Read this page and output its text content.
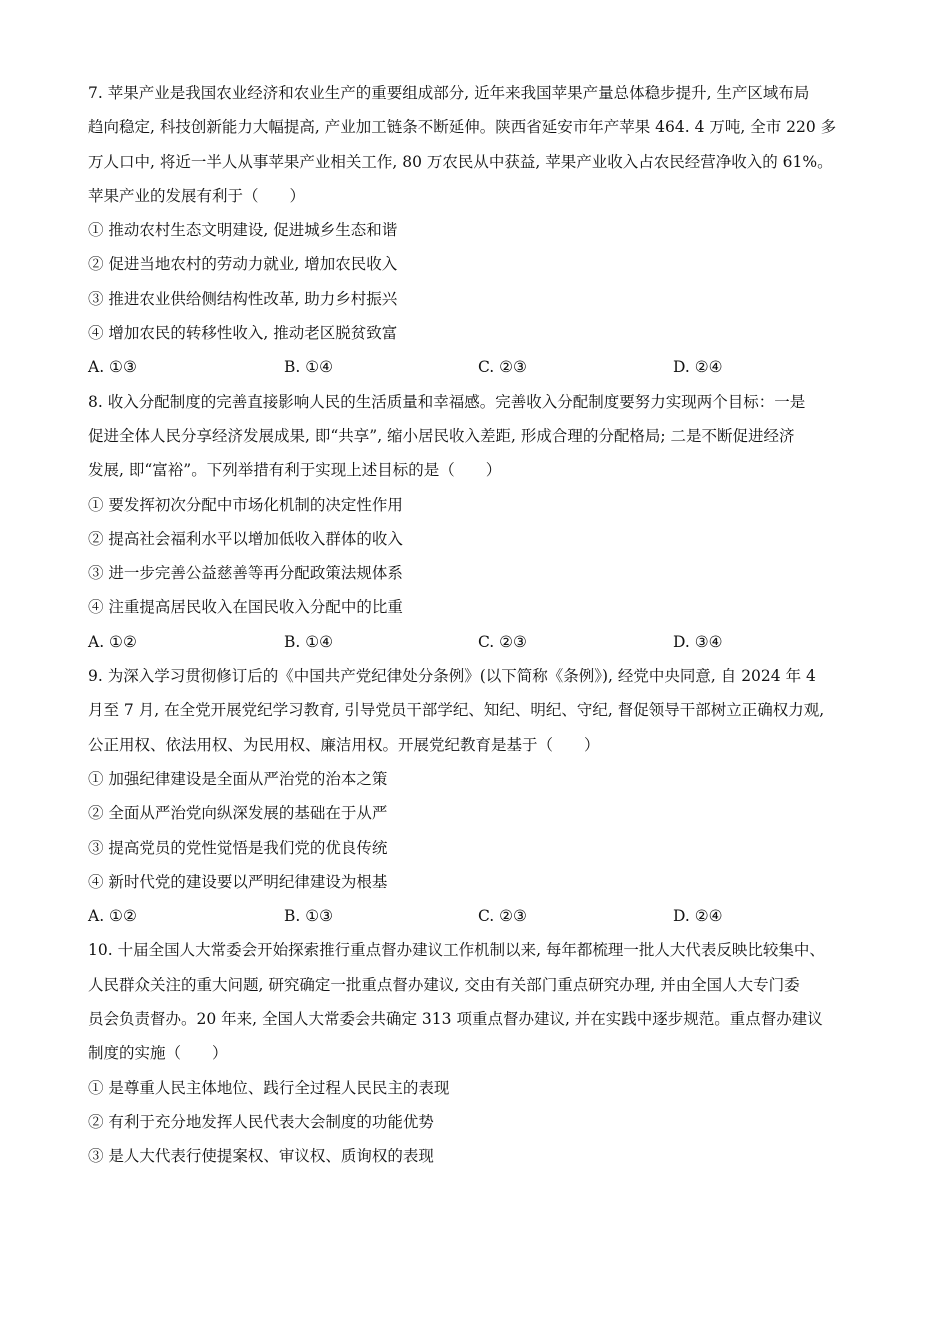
7. 苹果产业是我国农业经济和农业生产的重要组成部分, 近年来我国苹果产量总体稳步提升, 生产区域布局
趋向稳定, 科技创新能力大幅提高, 产业加工链条不断延伸。陕西省延安市年产苹果 464. 4 万吨, 全市 220 多
万人口中, 将近一半人从事苹果产业相关工作, 80 万农民从中获益, 苹果产业收入占农民经营净收入的 61%。
苹果产业的发展有利于（　　）
① 推动农村生态文明建设, 促进城乡生态和谐
② 促进当地农村的劳动力就业, 增加农民收入
③ 推进农业供给侧结构性改革, 助力乡村振兴
④ 增加农民的转移性收入, 推动老区脱贫致富
A. ①③	B. ①④	C. ②③	D. ②④
8. 收入分配制度的完善直接影响人民的生活质量和幸福感。完善收入分配制度要努力实现两个目标：一是
促进全体人民分享经济发展成果, 即“共享”, 缩小居民收入差距, 形成合理的分配格局; 二是不断促进经济
发展, 即“富裕”。下列举措有利于实现上述目标的是（　　）
① 要发挥初次分配中市场化机制的决定性作用
② 提高社会福利水平以增加低收入群体的收入
③ 进一步完善公益慈善等再分配政策法规体系
④ 注重提高居民收入在国民收入分配中的比重
A. ①②	B. ①④	C. ②③	D. ③④
9. 为深入学习贯彻修订后的《中国共产党纪律处分条例》(以下简称《条例》), 经党中央同意, 自 2024 年 4
月至 7 月, 在全党开展党纪学习教育, 引导党员干部学纪、知纪、明纪、守纪, 督促领导干部树立正确权力观,
公正用权、依法用权、为民用权、廉洁用权。开展党纪教育是基于（　　）
① 加强纪律建设是全面从严治党的治本之策
② 全面从严治党向纵深发展的基础在于从严
③ 提高党员的党性觉悟是我们党的优良传统
④ 新时代党的建设要以严明纪律建设为根基
A. ①②	B. ①③	C. ②③	D. ②④
10. 十届全国人大常委会开始探索推行重点督办建议工作机制以来, 每年都梳理一批人大代表反映比较集中、
人民群众关注的重大问题, 研究确定一批重点督办建议, 交由有关部门重点研究办理, 并由全国人大专门委
员会负责督办。20 年来, 全国人大常委会共确定 313 项重点督办建议, 并在实践中逐步规范。重点督办建议
制度的实施（　　）
① 是尊重人民主体地位、践行全过程人民民主的表现
② 有利于充分地发挥人民代表大会制度的功能优势
③ 是人大代表行使提案权、审议权、质询权的表现
